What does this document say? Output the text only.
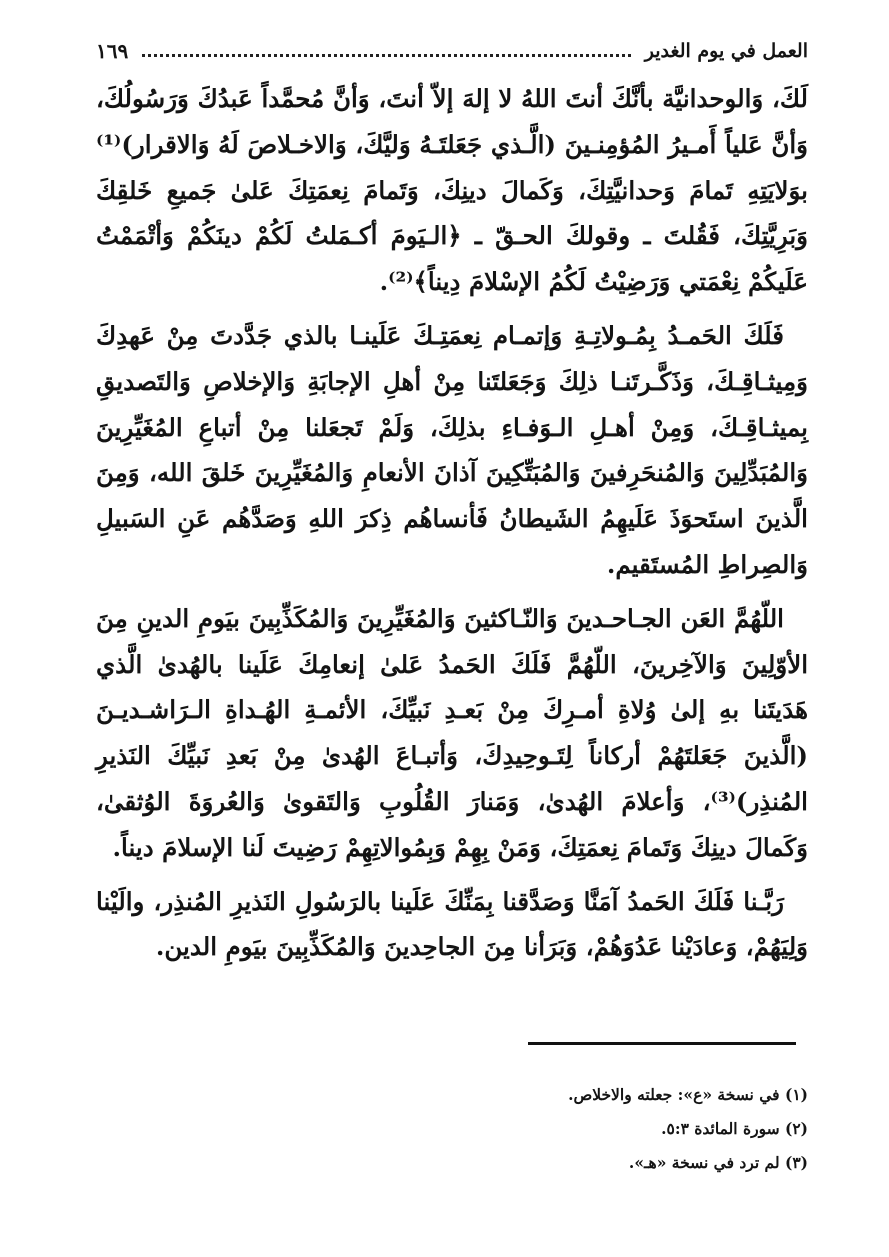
العمل في يوم الغدير
١٦٩

لَكَ، وَالوحدانيَّة بأنَّكَ أنتَ اللهُ لا إلهَ إلاّ أنتَ، وَأنَّ مُحمَّداً عَبدُكَ وَرَسُولُكَ، وَأنَّ عَلياً أَمـيرُ المُؤمِنـينَ (الَّـذي جَعَلتَـهُ وَليَّكَ، وَالاخـلاصَ لَهُ وَالاقرار)⁽¹⁾ بوَلايَتِهِ تَمامَ وَحدانيَّتِكَ، وَكَمالَ دينِكَ، وَتَمامَ نِعمَتِكَ عَلىٰ جَميعِ خَلقِكَ وَبَرِيَّتِكَ، فَقُلتَ ـ وقولكَ الحـقّ ـ ﴿الـيَومَ أكـمَلتُ لَكُمْ دينَكُمْ وَأتْمَمْتُ عَلَيكُمْ نِعْمَتي وَرَضِيْتُ لَكُمُ الإسْلامَ دِيناً﴾⁽²⁾.

فَلَكَ الحَمـدُ بِمُـولاتِـةِ وَإتمـام نِعمَتِـكَ عَلَينـا بالذي جَدَّدتَ مِنْ عَهدِكَ وَمِيثـاقِـكَ، وَذَكَّـرتَنـا ذلِكَ وَجَعَلتَنا مِنْ أهلِ الإجابَةِ وَالإخلاصِ وَالتَصديقِ بِميثـاقِـكَ، وَمِنْ أهـلِ الـوَفـاءِ بذلِكَ، وَلَمْ تَجعَلنا مِنْ أتباعِ المُغَيِّرِينَ وَالمُبَدِّلِينَ وَالمُنحَرِفينَ وَالمُبَتِّكِينَ آذانَ الأنعامِ وَالمُغَيِّرِينَ خَلقَ الله، وَمِنَ الَّذينَ استَحوَذَ عَلَيهِمُ الشَيطانُ فَأنساهُم ذِكرَ اللهِ وَصَدَّهُم عَنِ السَبيلِ وَالصِراطِ المُستَقيم.

اللّهُمَّ العَن الجـاحـدينَ وَالنّـاكثينَ وَالمُغَيِّرِينَ وَالمُكَذِّبِينَ بيَومِ الدينِ مِنَ الأوّلِينَ وَالآخِرينَ، اللّهُمَّ فَلَكَ الحَمدُ عَلىٰ إنعامِكَ عَلَينا بالهُدىٰ الَّذي هَدَيتَنا بهِ إلىٰ وُلاةِ أمـرِكَ مِنْ بَعـدِ نَبيِّكَ، الأئمـةِ الهُـداةِ الـرَاشـديـنَ (الَّذينَ جَعَلتَهُمْ أركاناً لِتَـوحِيدِكَ، وَأتبـاعَ الهُدىٰ مِنْ بَعدِ نَبيِّكَ النَذيرِ المُنذِر)⁽³⁾، وَأعلامَ الهُدىٰ، وَمَنارَ القُلُوبِ وَالتَقوىٰ وَالعُروَةَ الوُثقىٰ، وَكَمالَ دينِكَ وَتَمامَ نِعمَتِكَ، وَمَنْ بِهِمْ وَبِمُوالاتِهِمْ رَضِيتَ لَنا الإسلامَ ديناً.

رَبَّـنا فَلَكَ الحَمدُ آمَنَّا وَصَدَّقنا بِمَنِّكَ عَلَينا بالرَسُولِ النَذيرِ المُنذِر، والَيْنا وَلِيَهُمْ، وَعادَيْنا عَدُوَهُمْ، وَبَرَأنا مِنَ الجاحِدينَ وَالمُكَذِّبِينَ بيَومِ الدين.

(١) في نسخة «ع»: جعلته والاخلاص.
(٢) سورة المائدة ٥:٣.
(٣) لم ترد في نسخة «هـ».
